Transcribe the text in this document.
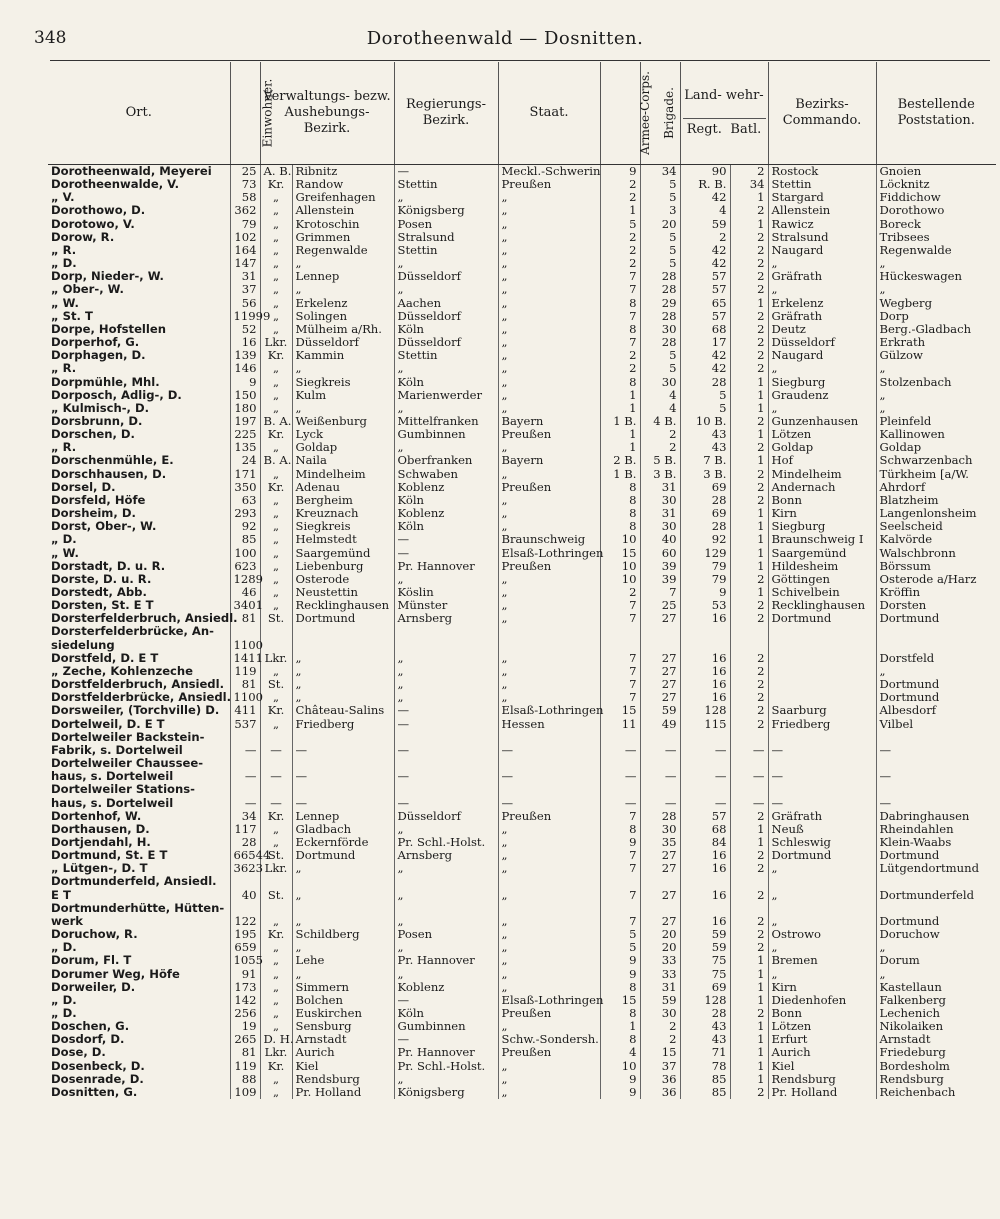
348	Dorotheenwald — Dosnitten.
Ort.	Einwohner.	Verwaltungs- bezw. Aushebungs- Bezirk.		Regierungs- Bezirk.	Staat.	Armee-Corps.	Brigade.	Land- wehr-
Regt. Batl.		Bezirks- Commando.	Bestellende Poststation.
Dorotheenwald, Meyerei	25	A. B.	Ribnitz	—	Meckl.-Schwerin	9	34	90	2	Rostock	Gnoien
Dorotheenwalde, V.	73	Kr.	Randow	Stettin	Preußen	2	5	R. B.	34	Stettin	Löcknitz
„ V.	58	„	Greifenhagen	„	„	2	5	42	1	Stargard	Fiddichow
Dorothowo, D.	362	„	Allenstein	Königsberg	„	1	3	4	2	Allenstein	Dorothowo
Dorotowo, V.	79	„	Krotoschin	Posen	„	5	20	59	1	Rawicz	Boreck
Dorow, R.	102	„	Grimmen	Stralsund	„	2	5	2	2	Stralsund	Tribsees
„ R.	164	„	Regenwalde	Stettin	„	2	5	42	2	Naugard	Regenwalde
„ D.	147	„	„	„	„	2	5	42	2	„	„
Dorp, Nieder-, W.	31	„	Lennep	Düsseldorf	„	7	28	57	2	Gräfrath	Hückeswagen
„ Ober-, W.	37	„	„	„	„	7	28	57	2	„	„
„ W.	56	„	Erkelenz	Aachen	„	8	29	65	1	Erkelenz	Wegberg
„ St. T	11999	„	Solingen	Düsseldorf	„	7	28	57	2	Gräfrath	Dorp
Dorpe, Hofstellen	52	„	Mülheim a/Rh.	Köln	„	8	30	68	2	Deutz	Berg.-Gladbach
Dorperhof, G.	16	Lkr.	Düsseldorf	Düsseldorf	„	7	28	17	2	Düsseldorf	Erkrath
Dorphagen, D.	139	Kr.	Kammin	Stettin	„	2	5	42	2	Naugard	Gülzow
„ R.	146	„	„	„	„	2	5	42	2	„	„
Dorpmühle, Mhl.	9	„	Siegkreis	Köln	„	8	30	28	1	Siegburg	Stolzenbach
Dorposch, Adlig-, D.	150	„	Kulm	Marienwerder	„	1	4	5	1	Graudenz	„
„ Kulmisch-, D.	180	„	„	„	„	1	4	5	1	„	„
Dorsbrunn, D.	197	B. A.	Weißenburg	Mittelfranken	Bayern	1 B.	4 B.	10 B.	2	Gunzenhausen	Pleinfeld
Dorschen, D.	225	Kr.	Lyck	Gumbinnen	Preußen	1	2	43	1	Lötzen	Kallinowen
„ R.	135	„	Goldap	„	„	1	2	43	2	Goldap	Goldap
Dorschenmühle, E.	24	B. A.	Naila	Oberfranken	Bayern	2 B.	5 B.	7 B.	1	Hof	Schwarzenbach
Dorschhausen, D.	171	„	Mindelheim	Schwaben	„	1 B.	3 B.	3 B.	2	Mindelheim	Türkheim [a/W.
Dorsel, D.	350	Kr.	Adenau	Koblenz	Preußen	8	31	69	2	Andernach	Ahrdorf
Dorsfeld, Höfe	63	„	Bergheim	Köln	„	8	30	28	2	Bonn	Blatzheim
Dorsheim, D.	293	„	Kreuznach	Koblenz	„	8	31	69	1	Kirn	Langenlonsheim
Dorst, Ober-, W.	92	„	Siegkreis	Köln	„	8	30	28	1	Siegburg	Seelscheid
„ D.	85	„	Helmstedt	—	Braunschweig	10	40	92	1	Braunschweig I	Kalvörde
„ W.	100	„	Saargemünd	—	Elsaß-Lothringen	15	60	129	1	Saargemünd	Walschbronn
Dorstadt, D. u. R.	623	„	Liebenburg	Pr. Hannover	Preußen	10	39	79	1	Hildesheim	Börssum
Dorste, D. u. R.	1289	„	Osterode	„	„	10	39	79	2	Göttingen	Osterode a/Harz
Dorstedt, Abb.	46	„	Neustettin	Köslin	„	2	7	9	1	Schivelbein	Kröffin
Dorsten, St. E T	3401	„	Recklinghausen	Münster	„	7	25	53	2	Recklinghausen	Dorsten
Dorsterfelderbruch, Ansiedl.	81	St.	Dortmund	Arnsberg	„	7	27	16	2	Dortmund	Dortmund
Dorsterfelderbrücke, An-											
siedelung	1100										
Dorstfeld, D. E T	1411	Lkr.	„	„	„	7	27	16	2		Dorstfeld
„ Zeche, Kohlenzeche	119	„	„	„	„	7	27	16	2		„
Dorstfelderbruch, Ansiedl.	81	St.	„	„	„	7	27	16	2		Dortmund
Dorstfelderbrücke, Ansiedl.	1100	„	„	„	„	7	27	16	2		Dortmund
Dorsweiler, (Torchville) D.	411	Kr.	Château-Salins	—	Elsaß-Lothringen	15	59	128	2	Saarburg	Albesdorf
Dortelweil, D. E T	537	„	Friedberg	—	Hessen	11	49	115	2	Friedberg	Vilbel
Dortelweiler Backstein-											
Fabrik, s. Dortelweil	—	—	—	—	—	—	—	—	—	—	—
Dortelweiler Chaussee-											
haus, s. Dortelweil	—	—	—	—	—	—	—	—	—	—	—
Dortelweiler Stations-											
haus, s. Dortelweil	—	—	—	—	—	—	—	—	—	—	—
Dortenhof, W.	34	Kr.	Lennep	Düsseldorf	Preußen	7	28	57	2	Gräfrath	Dabringhausen
Dorthausen, D.	117	„	Gladbach	„	„	8	30	68	1	Neuß	Rheindahlen
Dortjendahl, H.	28	„	Eckernförde	Pr. Schl.-Holst.	„	9	35	84	1	Schleswig	Klein-Waabs
Dortmund, St. E T	66544	St.	Dortmund	Arnsberg	„	7	27	16	2	Dortmund	Dortmund
„ Lütgen-, D. T	3623	Lkr.	„	„	„	7	27	16	2	„	Lütgendortmund
Dortmunderfeld, Ansiedl.											
E T	40	St.	„	„	„	7	27	16	2	„	Dortmunderfeld
Dortmunderhütte, Hütten-											
werk	122	„	„	„	„	7	27	16	2	„	Dortmund
Doruchow, R.	195	Kr.	Schildberg	Posen	„	5	20	59	2	Ostrowo	Doruchow
„ D.	659	„	„	„	„	5	20	59	2	„	„
Dorum, Fl. T	1055	„	Lehe	Pr. Hannover	„	9	33	75	1	Bremen	Dorum
Dorumer Weg, Höfe	91	„	„	„	„	9	33	75	1	„	„
Dorweiler, D.	173	„	Simmern	Koblenz	„	8	31	69	1	Kirn	Kastellaun
„ D.	142	„	Bolchen	—	Elsaß-Lothringen	15	59	128	1	Diedenhofen	Falkenberg
„ D.	256	„	Euskirchen	Köln	Preußen	8	30	28	2	Bonn	Lechenich
Doschen, G.	19	„	Sensburg	Gumbinnen	„	1	2	43	1	Lötzen	Nikolaiken
Dosdorf, D.	265	D. H.	Arnstadt	—	Schw.-Sondersh.	8	2	43	1	Erfurt	Arnstadt
Dose, D.	81	Lkr.	Aurich	Pr. Hannover	Preußen	4	15	71	1	Aurich	Friedeburg
Dosenbeck, D.	119	Kr.	Kiel	Pr. Schl.-Holst.	„	10	37	78	1	Kiel	Bordesholm
Dosenrade, D.	88	„	Rendsburg	„	„	9	36	85	1	Rendsburg	Rendsburg
Dosnitten, G.	109	„	Pr. Holland	Königsberg	„	9	36	85	2	Pr. Holland	Reichenbach
